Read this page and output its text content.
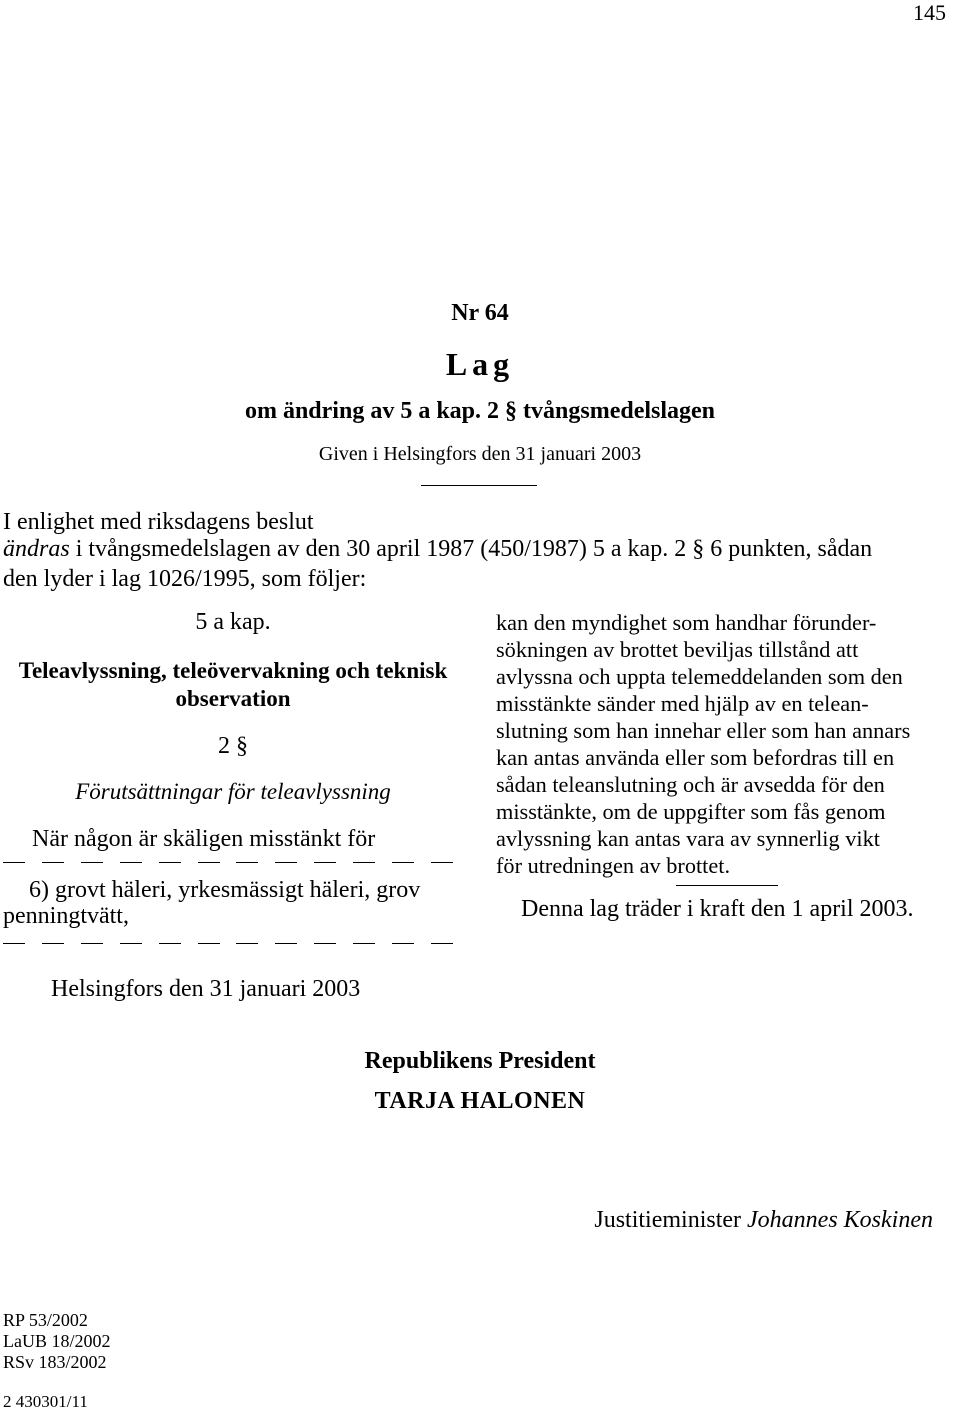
145
Nr 64
Lag
om ändring av 5 a kap. 2 § tvångsmedelslagen
Given i Helsingfors den 31 januari 2003
I enlighet med riksdagens beslut
ändras i tvångsmedelslagen av den 30 april 1987 (450/1987) 5 a kap. 2 § 6 punkten, sådan
den lyder i lag 1026/1995, som följer:
5 a kap.
Teleavlyssning, teleövervakning och teknisk observation
2 §
Förutsättningar för teleavlyssning
När någon är skäligen misstänkt för
6) grovt häleri, yrkesmässigt häleri, grov
penningtvätt,
kan den myndighet som handhar förunder-
sökningen av brottet beviljas tillstånd att
avlyssna och uppta telemeddelanden som den
misstänkte sänder med hjälp av en telean-
slutning som han innehar eller som han annars
kan antas använda eller som befordras till en
sådan teleanslutning och är avsedda för den
misstänkte, om de uppgifter som fås genom
avlyssning kan antas vara av synnerlig vikt
för utredningen av brottet.
Denna lag träder i kraft den 1 april 2003.
Helsingfors den 31 januari 2003
Republikens President
TARJA HALONEN
Justitieminister Johannes Koskinen
RP 53/2002
LaUB 18/2002
RSv 183/2002
2 430301/11
